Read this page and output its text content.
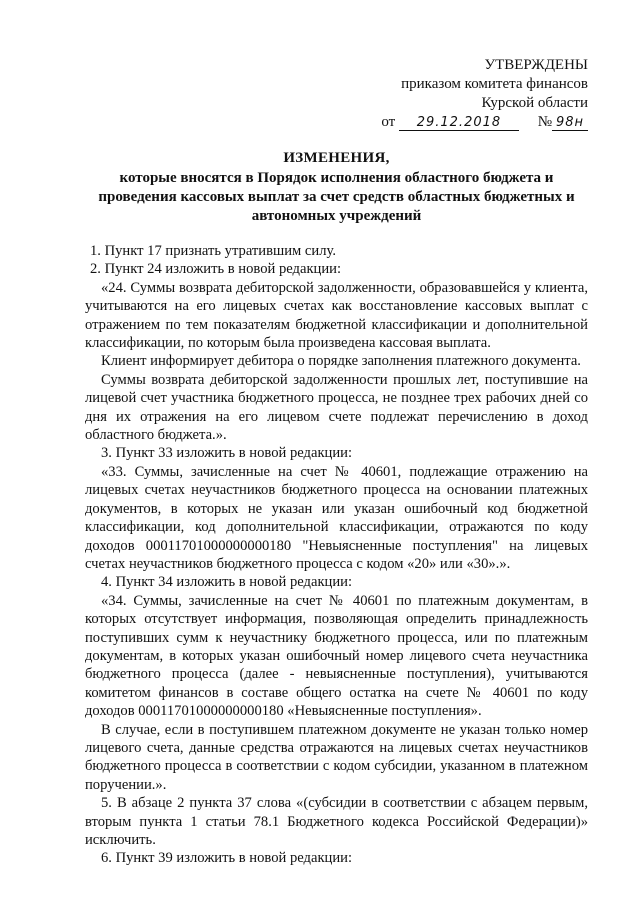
УТВЕРЖДЕНЫ
приказом комитета финансов
Курской области
от 29.12.2018 № 98н
ИЗМЕНЕНИЯ,
которые вносятся в Порядок исполнения областного бюджета и проведения кассовых выплат за счет средств областных бюджетных и автономных учреждений

1. Пункт 17 признать утратившим силу.

2. Пункт 24 изложить в новой редакции:

«24. Суммы возврата дебиторской задолженности, образовавшейся у клиента, учитываются на его лицевых счетах как восстановление кассовых выплат с отражением по тем показателям бюджетной классификации и дополнительной классификации, по которым была произведена кассовая выплата.

Клиент информирует дебитора о порядке заполнения платежного документа.

Суммы возврата дебиторской задолженности прошлых лет, поступившие на лицевой счет участника бюджетного процесса, не позднее трех рабочих дней со дня их отражения на его лицевом счете подлежат перечислению в доход областного бюджета.».

3. Пункт 33 изложить в новой редакции:

«33. Суммы, зачисленные на счет № 40601, подлежащие отражению на лицевых счетах неучастников бюджетного процесса на основании платежных документов, в которых не указан или указан ошибочный код бюджетной классификации, код дополнительной классификации, отражаются по коду доходов 00011701000000000180 "Невыясненные поступления" на лицевых счетах неучастников бюджетного процесса с кодом «20» или «30».».

4. Пункт 34 изложить в новой редакции:

«34. Суммы, зачисленные на счет № 40601 по платежным документам, в которых отсутствует информация, позволяющая определить принадлежность поступивших сумм к неучастнику бюджетного процесса, или по платежным документам, в которых указан ошибочный номер лицевого счета неучастника бюджетного процесса (далее - невыясненные поступления), учитываются комитетом финансов в составе общего остатка на счете № 40601 по коду доходов 00011701000000000180 «Невыясненные поступления».

В случае, если в поступившем платежном документе не указан только номер лицевого счета, данные средства отражаются на лицевых счетах неучастников бюджетного процесса в соответствии с кодом субсидии, указанном в платежном поручении.».

5. В абзаце 2 пункта 37 слова «(субсидии в соответствии с абзацем первым, вторым пункта 1 статьи 78.1 Бюджетного кодекса Российской Федерации)» исключить.

6. Пункт 39 изложить в новой редакции:
